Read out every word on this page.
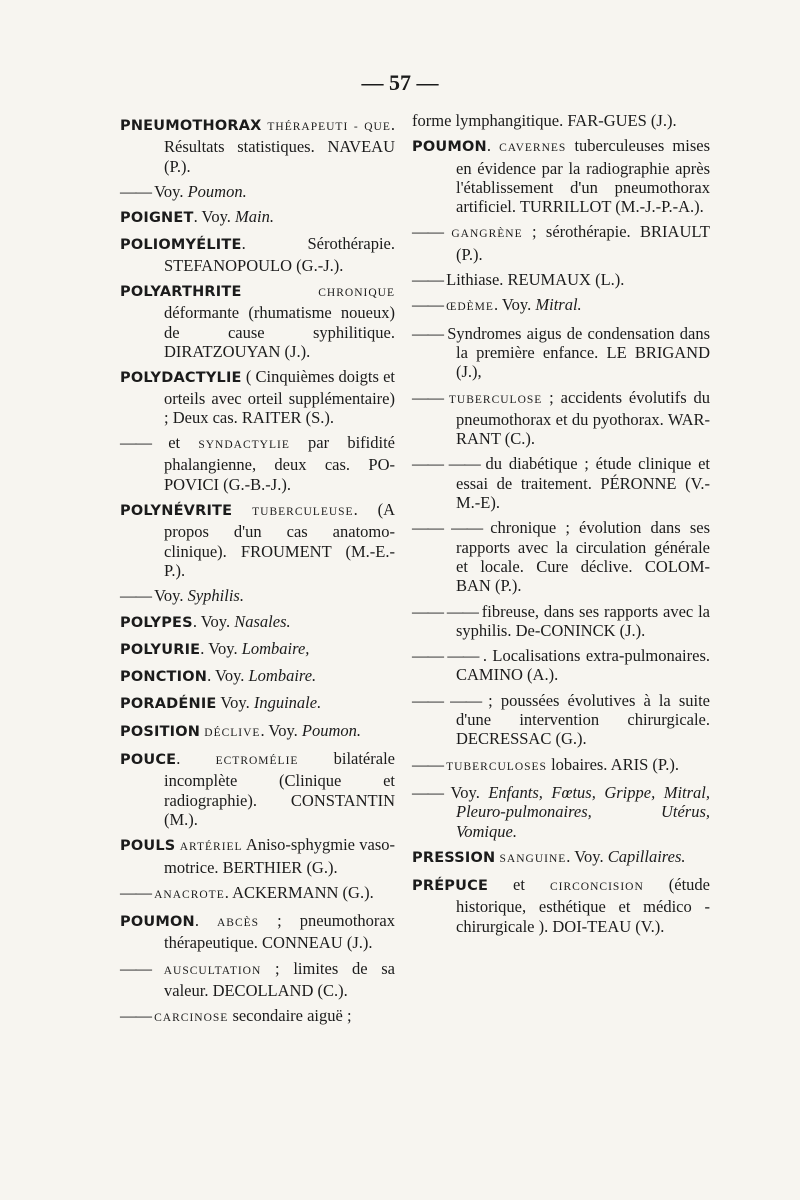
— 57 —

PNEUMOTHORAX THÉRAPEUTI - QUE. Résultats statistiques. NAVEAU (P.).

—— Voy. Poumon.

POIGNET. Voy. Main.

POLIOMYÉLITE. Sérothérapie. STEFANOPOULO (G.-J.).

POLYARTHRITE	CHRONIQUE déformante (rhumatisme noueux) de cause syphilitique. DIRATZOUYAN (J.).

POLYDACTYLIE ( Cinquièmes doigts et orteils avec orteil supplémentaire) ; Deux cas. RAITER (S.).

—— et SYNDACTYLIE par bifidité phalangienne, deux cas. PO-POVICI (G.-B.-J.).

POLYNÉVRITE TUBERCULEUSE. (A propos d'un cas anatomo-clinique). FROUMENT (M.-E.-P.).

—— Voy. Syphilis.

POLYPES. Voy. Nasales.

POLYURIE. Voy. Lombaire,

PONCTION. Voy. Lombaire.

PORADÉNIE Voy. Inguinale.

POSITION DÉCLIVE. Voy. Poumon.

POUCE. ECTROMÉLIE bilatérale incomplète (Clinique et radiographie). CONSTANTIN (M.).

POULS ARTÉRIEL Aniso-sphygmie vaso-motrice. BERTHIER (G.).

—— ANACROTE. ACKERMANN (G.).

POUMON. ABCÈS ; pneumothorax thérapeutique. CONNEAU (J.).

—— AUSCULTATION ; limites de sa valeur. DECOLLAND (C.).

—— CARCINOSE secondaire aiguë ;

forme lymphangitique. FAR-GUES (J.).

POUMON. CAVERNES tuberculeuses mises en évidence par la radiographie après l'établissement d'un pneumothorax artificiel. TURRILLOT (M.-J.-P.-A.).

—— GANGRÈNE ; sérothérapie. BRIAULT (P.).

—— Lithiase. REUMAUX (L.).

—— ŒDÈME. Voy. Mitral.

—— Syndromes aigus de condensation dans la première enfance. LE BRIGAND (J.),

—— TUBERCULOSE ; accidents évolutifs du pneumothorax et du pyothorax. WAR-RANT (C.).

—— —— du diabétique ; étude clinique et essai de traitement. PÉRONNE (V.-M.-E).

—— —— chronique ; évolution dans ses rapports avec la circulation générale et locale. Cure déclive. COLOM-BAN (P.).

—— —— fibreuse, dans ses rapports avec la syphilis. De-CONINCK (J.).

—— —— . Localisations extra-pulmonaires. CAMINO (A.).

—— —— ; poussées évolutives à la suite d'une intervention chirurgicale. DECRESSAC (G.).

—— TUBERCULOSES lobaires. ARIS (P.).

—— Voy. Enfants, Fœtus, Grippe, Mitral, Pleuro-pulmonaires, Utérus, Vomique.

PRESSION SANGUINE. Voy. Capillaires.

PRÉPUCE et CIRCONCISION (étude historique, esthétique et médico - chirurgicale ). DOI-TEAU (V.).
